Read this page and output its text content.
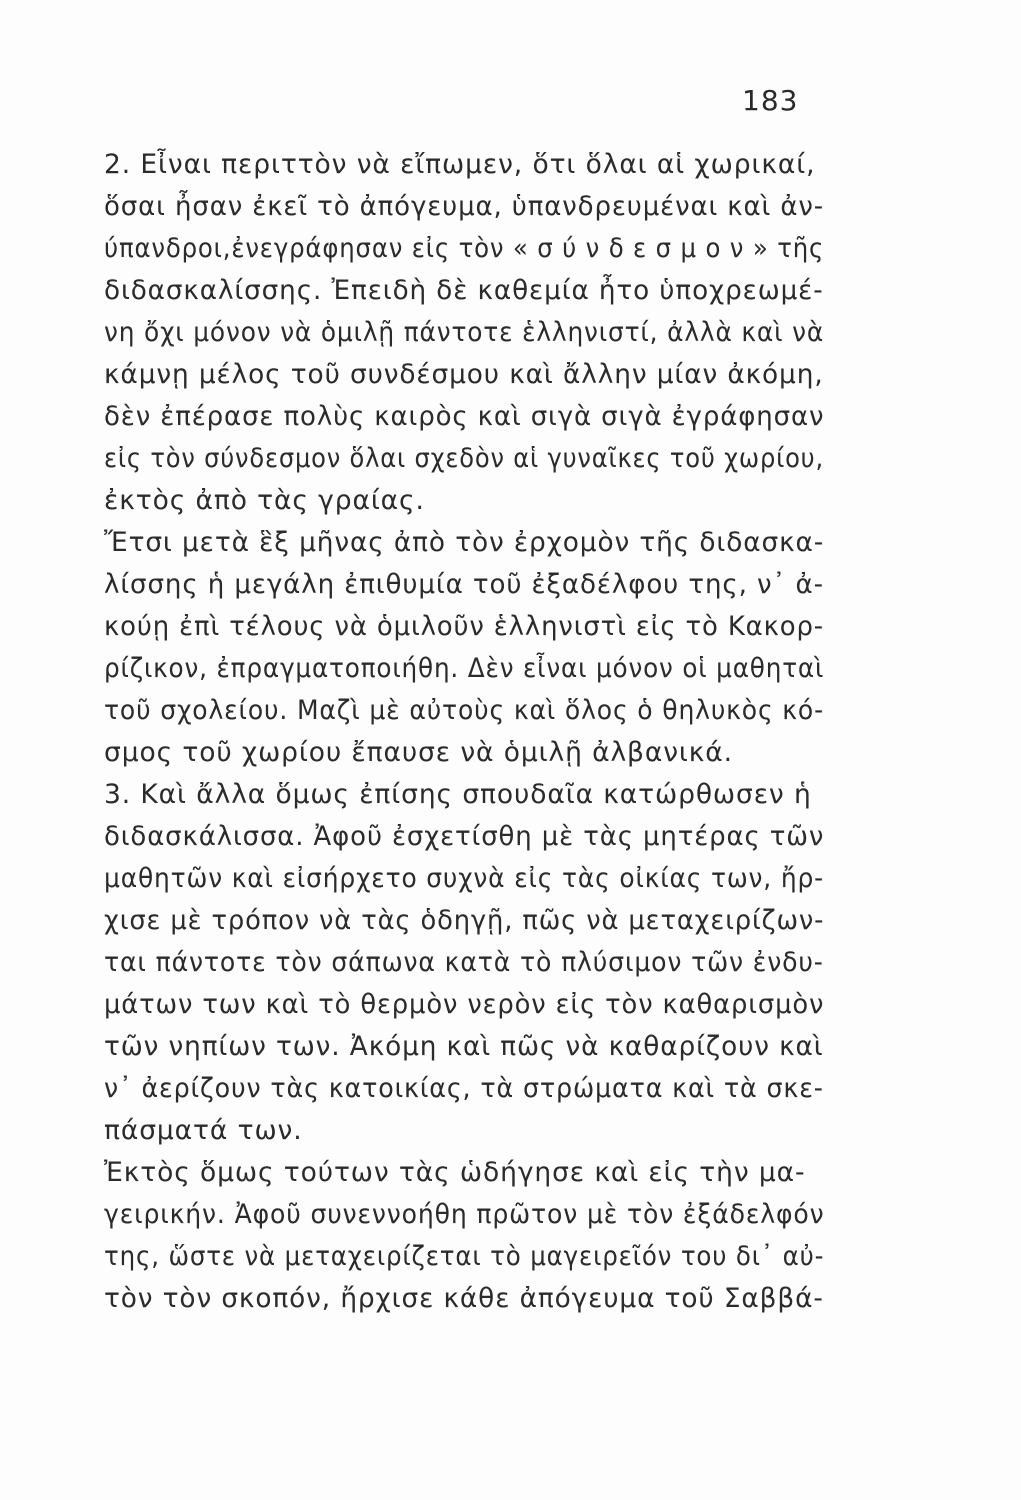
183
2. Εἶναι περιττὸν νὰ εἴπωμεν, ὅτι ὅλαι αἱ χωρικαί,
ὅσαι ἦσαν ἐκεῖ τὸ ἀπόγευμα, ὑπανδρευμέναι καὶ ἀν-
ύπανδροι,ἐνεγράφησαν εἰς τὸν « σ ύ ν δ ε σ μ ο ν » τῆς
διδασκαλίσσης. Ἐπειδὴ δὲ καθεμία ἦτο ὑποχρεωμέ-
νη ὄχι μόνον νὰ ὁμιλῇ πάντοτε ἑλληνιστί, ἀλλὰ καὶ νὰ
κάμνῃ μέλος τοῦ συνδέσμου καὶ ἄλλην μίαν ἀκόμη,
δὲν ἐπέρασε πολὺς καιρὸς καὶ σιγὰ σιγὰ ἐγράφησαν
εἰς τὸν σύνδεσμον ὅλαι σχεδὸν αἱ γυναῖκες τοῦ χωρίου,
ἐκτὸς ἀπὸ τὰς γραίας.
Ἔτσι μετὰ ἓξ μῆνας ἀπὸ τὸν ἐρχομὸν τῆς διδασκα-
λίσσης ἡ μεγάλη ἐπιθυμία τοῦ ἐξαδέλφου της, ν᾿ ἀ-
κούῃ ἐπὶ τέλους νὰ ὁμιλοῦν ἑλληνιστὶ εἰς τὸ Κακορ-
ρίζικον, ἐπραγματοποιήθη. Δὲν εἶναι μόνον οἱ μαθηταὶ
τοῦ σχολείου. Μαζὶ μὲ αὐτοὺς καὶ ὅλος ὁ θηλυκὸς κό-
σμος τοῦ χωρίου ἔπαυσε νὰ ὁμιλῇ ἀλβανικά.
3. Καὶ ἄλλα ὅμως ἐπίσης σπουδαῖα κατώρθωσεν ἡ
διδασκάλισσα. Ἀφοῦ ἐσχετίσθη μὲ τὰς μητέρας τῶν
μαθητῶν καὶ εἰσήρχετο συχνὰ εἰς τὰς οἰκίας των, ἤρ-
χισε μὲ τρόπον νὰ τὰς ὁδηγῇ, πῶς νὰ μεταχειρίζων-
ται πάντοτε τὸν σάπωνα κατὰ τὸ πλύσιμον τῶν ἐνδυ-
μάτων των καὶ τὸ θερμὸν νερὸν εἰς τὸν καθαρισμὸν
τῶν νηπίων των. Ἀκόμη καὶ πῶς νὰ καθαρίζουν καὶ
ν᾿ ἀερίζουν τὰς κατοικίας, τὰ στρώματα καὶ τὰ σκε-
πάσματά των.
Ἐκτὸς ὅμως τούτων τὰς ὡδήγησε καὶ εἰς τὴν μα-
γειρικήν. Ἀφοῦ συνεννοήθη πρῶτον μὲ τὸν ἐξάδελφόν
της, ὥστε νὰ μεταχειρίζεται τὸ μαγειρεῖόν του δι᾿ αὐ-
τὸν τὸν σκοπόν, ἤρχισε κάθε ἀπόγευμα τοῦ Σαββά-
